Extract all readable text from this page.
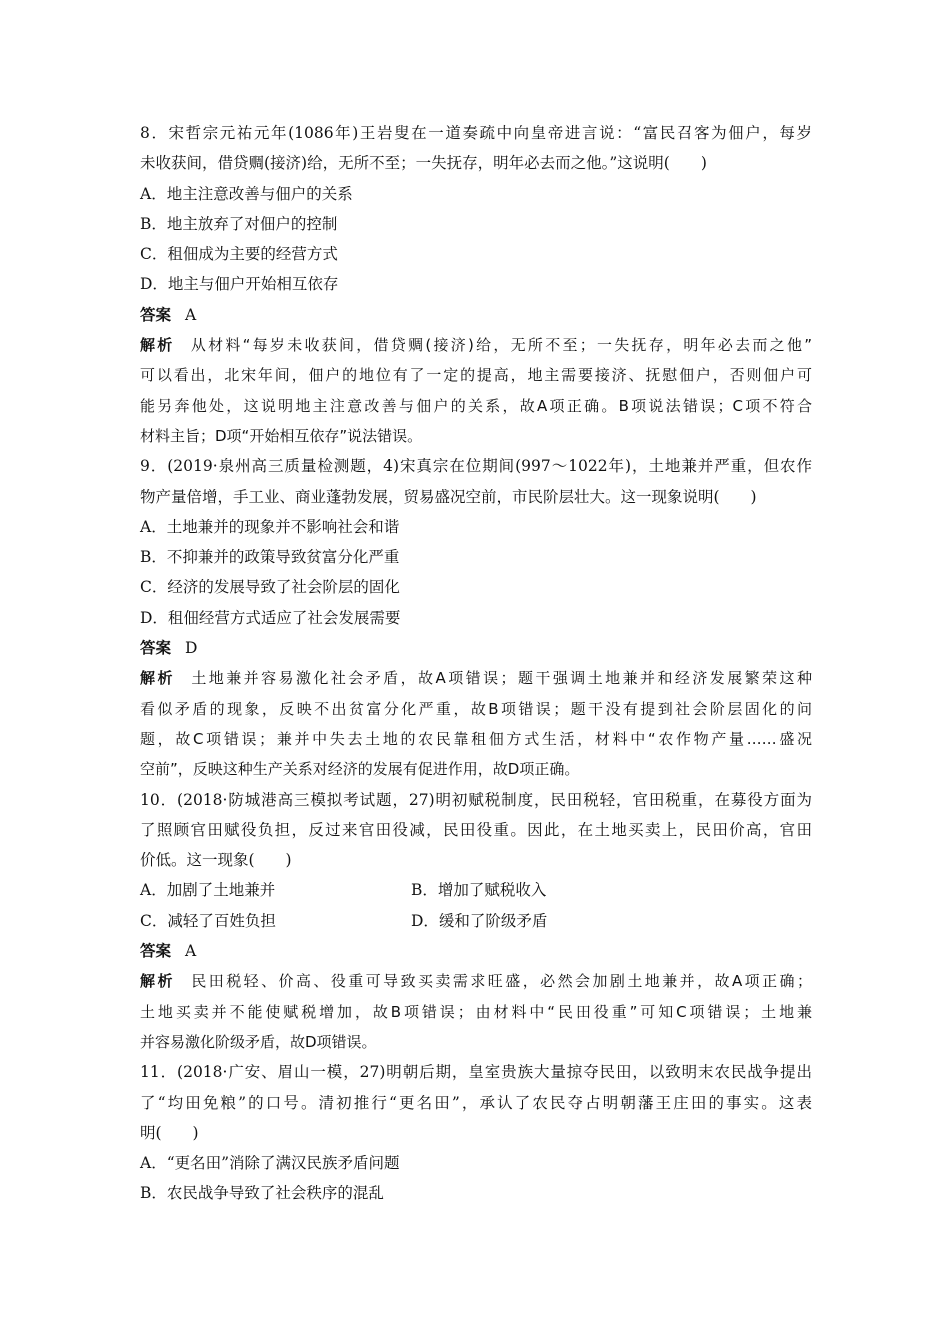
8．宋哲宗元祐元年(1086年)王岩叟在一道奏疏中向皇帝进言说：“富民召客为佃户，每岁
未收获间，借贷赒(接济)给，无所不至；一失抚存，明年必去而之他。”这说明(　　)
A．地主注意改善与佃户的关系
B．地主放弃了对佃户的控制
C．租佃成为主要的经营方式
D．地主与佃户开始相互依存
答案 A
解析 从材料“每岁未收获间，借贷赒(接济)给，无所不至；一失抚存，明年必去而之他”
可以看出，北宋年间，佃户的地位有了一定的提高，地主需要接济、抚慰佃户，否则佃户可
能另奔他处，这说明地主注意改善与佃户的关系，故A项正确。B项说法错误；C项不符合
材料主旨；D项“开始相互依存”说法错误。
9．(2019·泉州高三质量检测题，4)宋真宗在位期间(997～1022年)，土地兼并严重，但农作
物产量倍增，手工业、商业蓬勃发展，贸易盛况空前，市民阶层壮大。这一现象说明(　　)
A．土地兼并的现象并不影响社会和谐
B．不抑兼并的政策导致贫富分化严重
C．经济的发展导致了社会阶层的固化
D．租佃经营方式适应了社会发展需要
答案 D
解析 土地兼并容易激化社会矛盾，故A项错误；题干强调土地兼并和经济发展繁荣这种
看似矛盾的现象，反映不出贫富分化严重，故B项错误；题干没有提到社会阶层固化的问
题，故C项错误；兼并中失去土地的农民靠租佃方式生活，材料中“农作物产量……盛况
空前”，反映这种生产关系对经济的发展有促进作用，故D项正确。
10．(2018·防城港高三模拟考试题，27)明初赋税制度，民田税轻，官田税重，在募役方面为
了照顾官田赋役负担，反过来官田役减，民田役重。因此，在土地买卖上，民田价高，官田
价低。这一现象(　　)
A．加剧了土地兼并	B．增加了赋税收入
C．减轻了百姓负担	D．缓和了阶级矛盾
答案 A
解析 民田税轻、价高、役重可导致买卖需求旺盛，必然会加剧土地兼并，故A项正确；
土地买卖并不能使赋税增加，故B项错误；由材料中“民田役重”可知C项错误；土地兼
并容易激化阶级矛盾，故D项错误。
11．(2018·广安、眉山一模，27)明朝后期，皇室贵族大量掠夺民田，以致明末农民战争提出
了“均田免粮”的口号。清初推行“更名田”，承认了农民夺占明朝藩王庄田的事实。这表
明(　　)
A．“更名田”消除了满汉民族矛盾问题
B．农民战争导致了社会秩序的混乱
